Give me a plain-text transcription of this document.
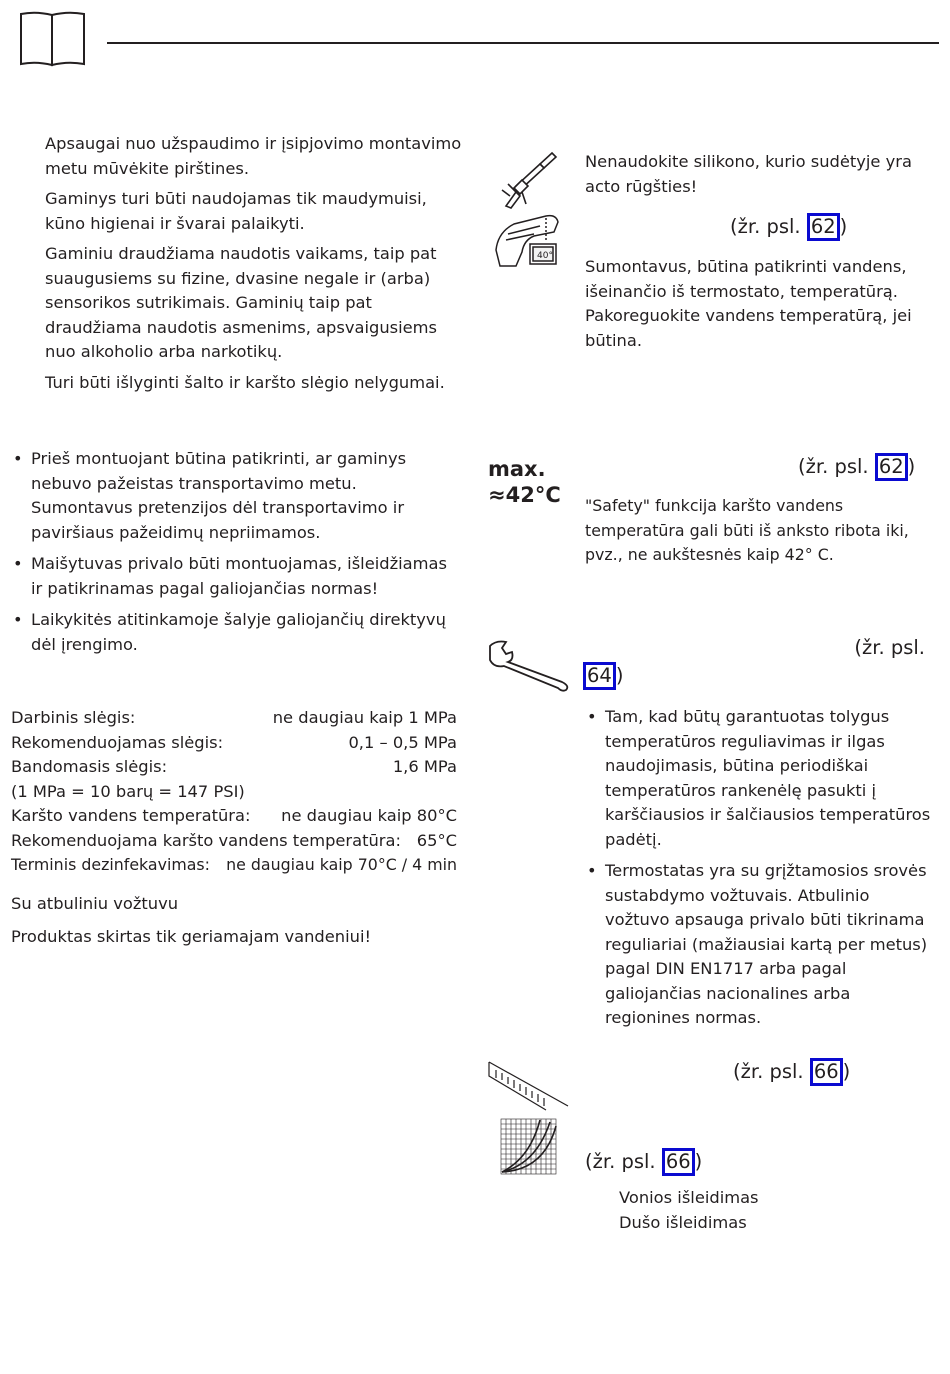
Apsaugai nuo užspaudimo ir įsipjovimo montavimo metu mūvėkite pirštines.

Gaminys turi būti naudojamas tik maudymuisi, kūno higienai ir švarai palaikyti.

Gaminiu draudžiama naudotis vaikams, taip pat suaugusiems su fizine, dvasine negale ir (arba) sensorikos sutrikimais. Gaminių taip pat draudžiama naudotis asmenims, apsvaigusiems nuo alkoholio arba narkotikų.

Turi būti išlyginti šalto ir karšto slėgio nelygumai.

• Prieš montuojant būtina patikrinti, ar gaminys nebuvo pažeistas transportavimo metu. Sumontavus pretenzijos dėl transportavimo ir paviršiaus pažeidimų nepriimamos.
• Maišytuvas privalo būti montuojamas, išleidžiamas ir patikrinamas pagal galiojančias normas!
• Laikykitės atitinkamoje šalyje galiojančių direktyvų dėl įrengimo.
Darbinis slėgis:	ne daugiau kaip 1 MPa
Rekomenduojamas slėgis:	0,1 – 0,5 MPa
Bandomasis slėgis:	1,6 MPa
(1 MPa = 10 barų = 147 PSI)
Karšto vandens temperatūra: ne daugiau kaip 80°C
Rekomenduojama karšto vandens temperatūra: 65°C
Terminis dezinfekavimas: ne daugiau kaip 70°C / 4 min

Su atbuliniu vožtuvu

Produktas skirtas tik geriamajam vandeniui!

Nenaudokite silikono, kurio sudėtyje yra acto rūgšties!

40°

(žr. psl. 62 )

Sumontavus, būtina patikrinti vandens, išeinančio iš termostato, temperatūrą. Pakoreguokite vandens temperatūrą, jei būtina.

max.
≈42°C

(žr. psl. 62 )

"Safety" funkcija karšto vandens temperatūra gali būti iš anksto ribota iki, pvz., ne aukštesnės kaip 42° C.

(žr. psl.

64 )

• Tam, kad būtų garantuotas tolygus temperatūros reguliavimas ir ilgas naudojimasis, būtina periodiškai temperatūros rankenėlę pasukti į karščiausios ir šalčiausios temperatūros padėtį.
• Termostatas yra su grįžtamosios srovės sustabdymo vožtuvais. Atbulinio vožtuvo apsauga privalo būti tikrinama reguliariai (mažiausiai kartą per metus) pagal DIN EN1717 arba pagal galiojančias nacionalines arba regionines normas.

(žr. psl. 66 )

(žr. psl. 66 )

Vonios išleidimas

Dušo išleidimas
